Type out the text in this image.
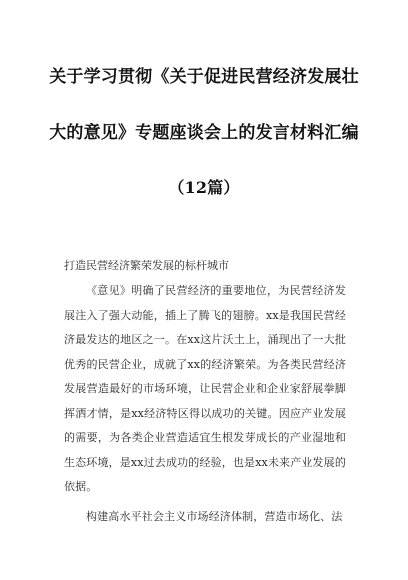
关于学习贯彻《关于促进民营经济发展壮
大的意见》专题座谈会上的发言材料汇编
（12篇）
打造民营经济繁荣发展的标杆城市
《意见》明确了民营经济的重要地位，为民营经济发展注入了强大动能，插上了腾飞的翅膀。xx是我国民营经济最发达的地区之一。在xx这片沃土上，涌现出了一大批优秀的民营企业，成就了xx的经济繁荣。为各类民营经济发展营造最好的市场环境，让民营企业和企业家舒展拳脚挥洒才情，是xx经济特区得以成功的关键。因应产业发展的需要，为各类企业营造适宜生根发芽成长的产业湿地和生态环境，是xx过去成功的经验，也是xx未来产业发展的依据。
构建高水平社会主义市场经济体制，营造市场化、法
